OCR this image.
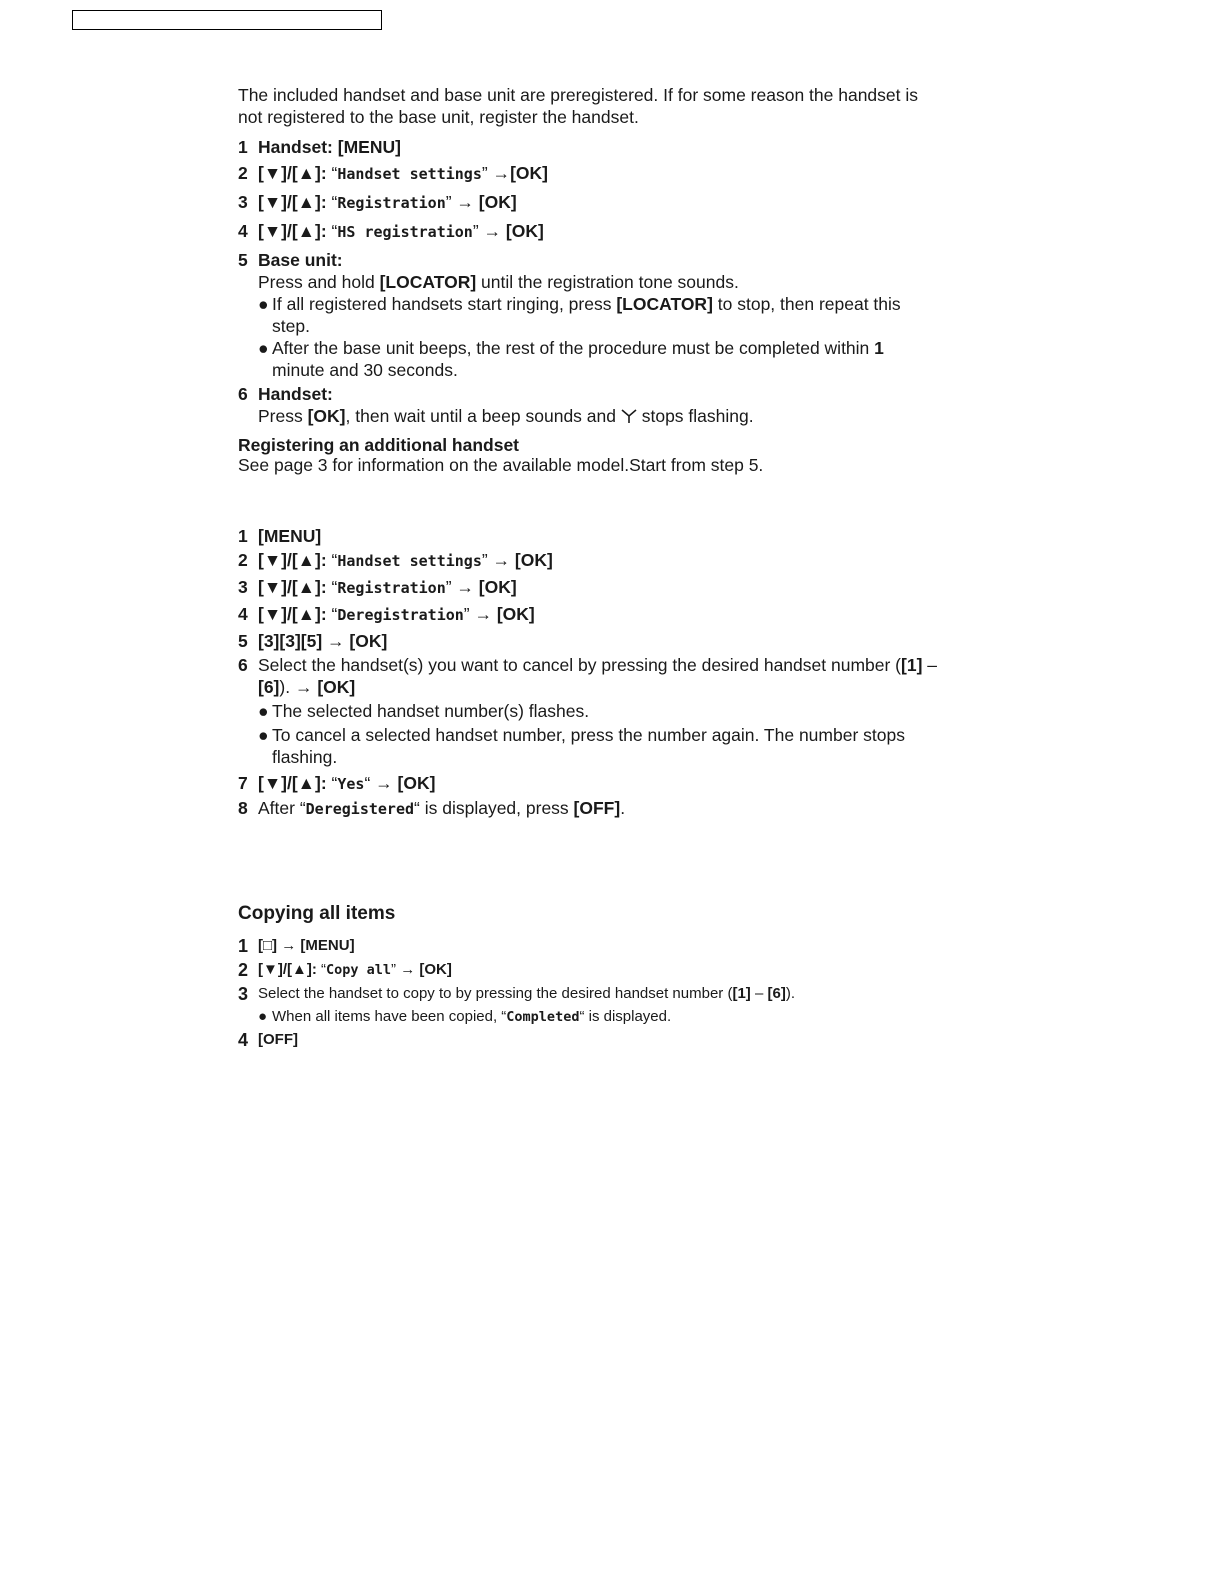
The included handset and base unit are preregistered. If for some reason the handset is not registered to the base unit, register the handset.

1 Handset: [MENU]
2 [▼]/[▲]: “Handset settings” →[OK]
3 [▼]/[▲]: “Registration” → [OK]
4 [▼]/[▲]: “HS registration” → [OK]
5 Base unit:
Press and hold [LOCATOR] until the registration tone sounds.
● If all registered handsets start ringing, press [LOCATOR] to stop, then repeat this step.
● After the base unit beeps, the rest of the procedure must be completed within 1 minute and 30 seconds.
6 Handset:
Press [OK], then wait until a beep sounds and  stops flashing.
Registering an additional handset
See page 3 for information on the available model.Start from step 5.
1 [MENU]
2 [▼]/[▲]: “Handset settings” → [OK]
3 [▼]/[▲]: “Registration” → [OK]
4 [▼]/[▲]: “Deregistration” → [OK]
5 [3][3][5] → [OK]
6 Select the handset(s) you want to cancel by pressing the desired handset number ([1] – [6]). → [OK]
● The selected handset number(s) flashes.
● To cancel a selected handset number, press the number again. The number stops flashing.
7 [▼]/[▲]: “Yes“ → [OK]
8 After “Deregistered“ is displayed, press [OFF].
Copying all items
1 [□] → [MENU]
2 [▼]/[▲]: “Copy all” → [OK]
3 Select the handset to copy to by pressing the desired handset number ([1] – [6]).
● When all items have been copied, “Completed“ is displayed.
4 [OFF]
